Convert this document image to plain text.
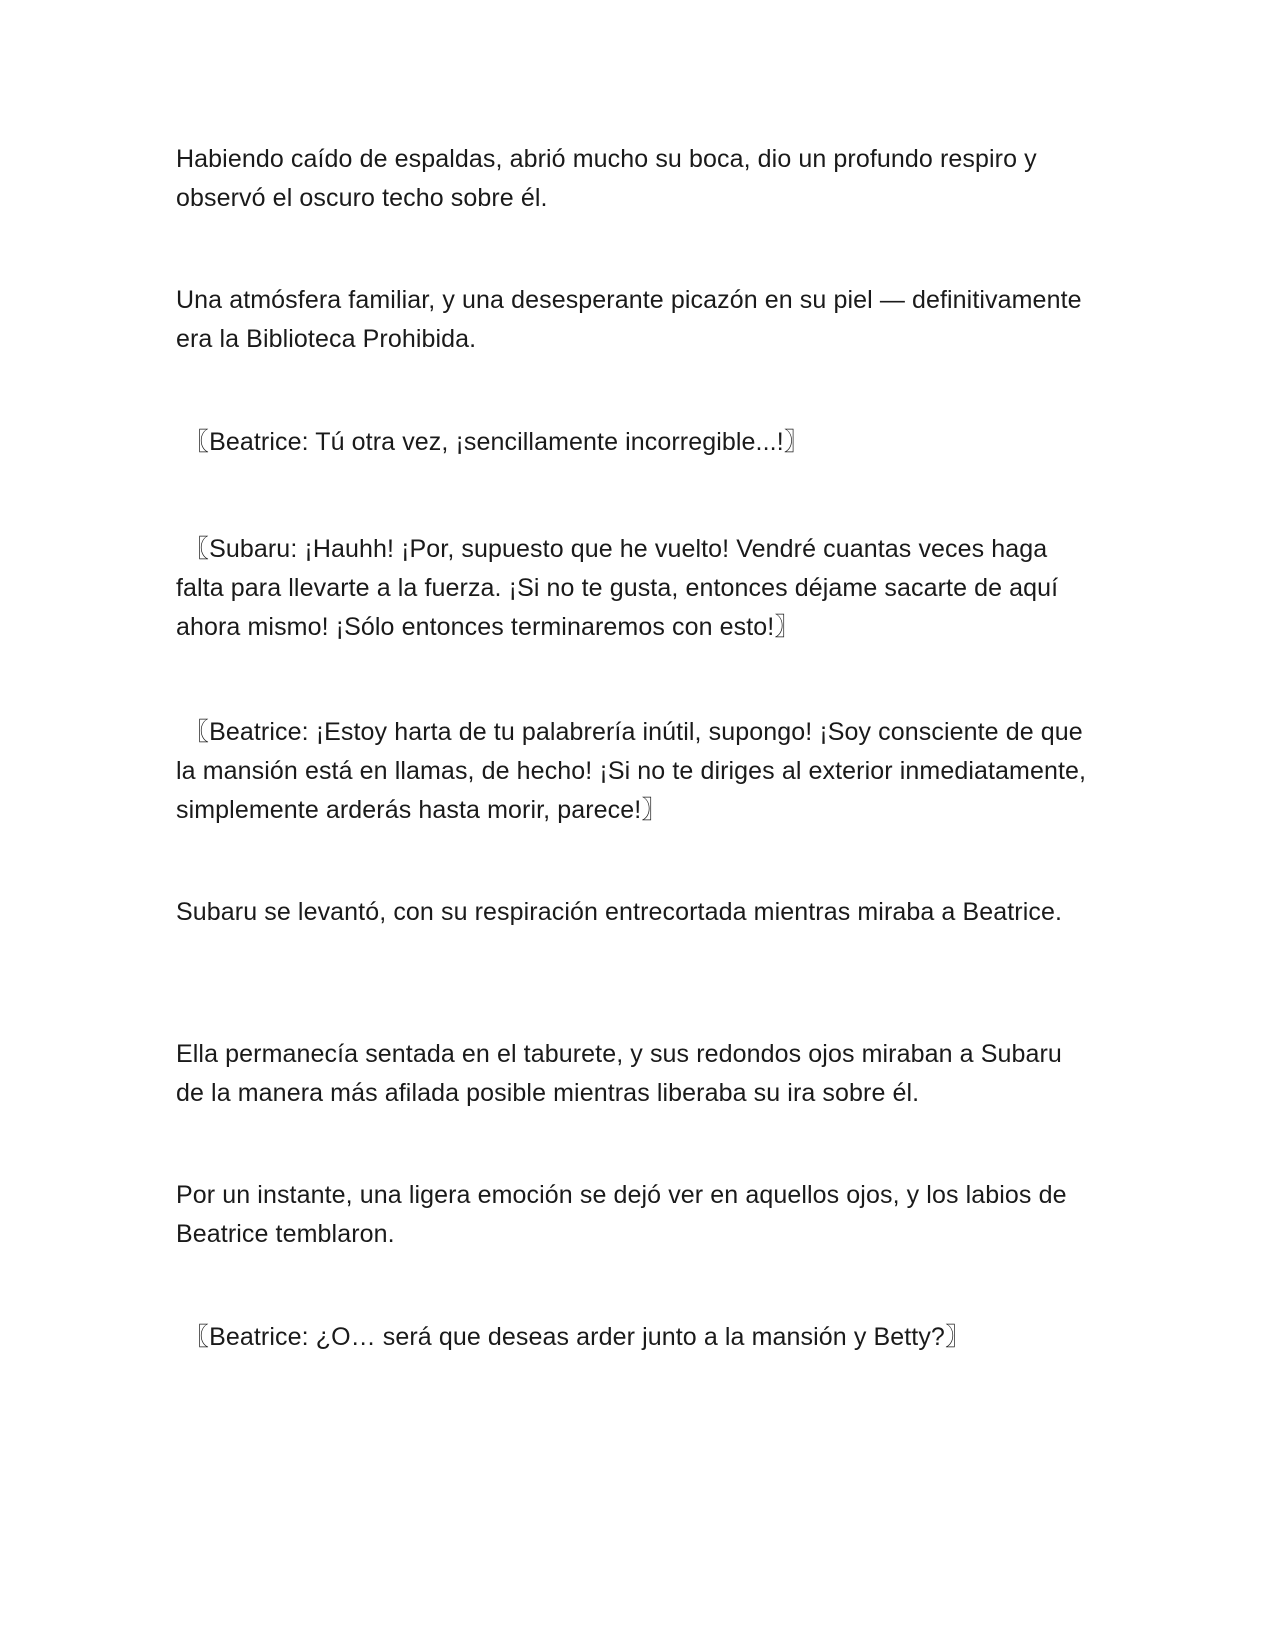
Habiendo caído de espaldas, abrió mucho su boca, dio un profundo respiro y observó el oscuro techo sobre él.

Una atmósfera familiar, y una desesperante picazón en su piel — definitivamente era la Biblioteca Prohibida.

〖Beatrice: Tú otra vez, ¡sencillamente incorregible...!〗

〖Subaru: ¡Hauhh! ¡Por, supuesto que he vuelto! Vendré cuantas veces haga falta para llevarte a la fuerza. ¡Si no te gusta, entonces déjame sacarte de aquí ahora mismo! ¡Sólo entonces terminaremos con esto!〗

〖Beatrice: ¡Estoy harta de tu palabrería inútil, supongo! ¡Soy consciente de que la mansión está en llamas, de hecho! ¡Si no te diriges al exterior inmediatamente, simplemente arderás hasta morir, parece!〗

Subaru se levantó, con su respiración entrecortada mientras miraba a Beatrice.

Ella permanecía sentada en el taburete, y sus redondos ojos miraban a Subaru de la manera más afilada posible mientras liberaba su ira sobre él.

Por un instante, una ligera emoción se dejó ver en aquellos ojos, y los labios de Beatrice temblaron.

〖Beatrice: ¿O… será que deseas arder junto a la mansión y Betty?〗
